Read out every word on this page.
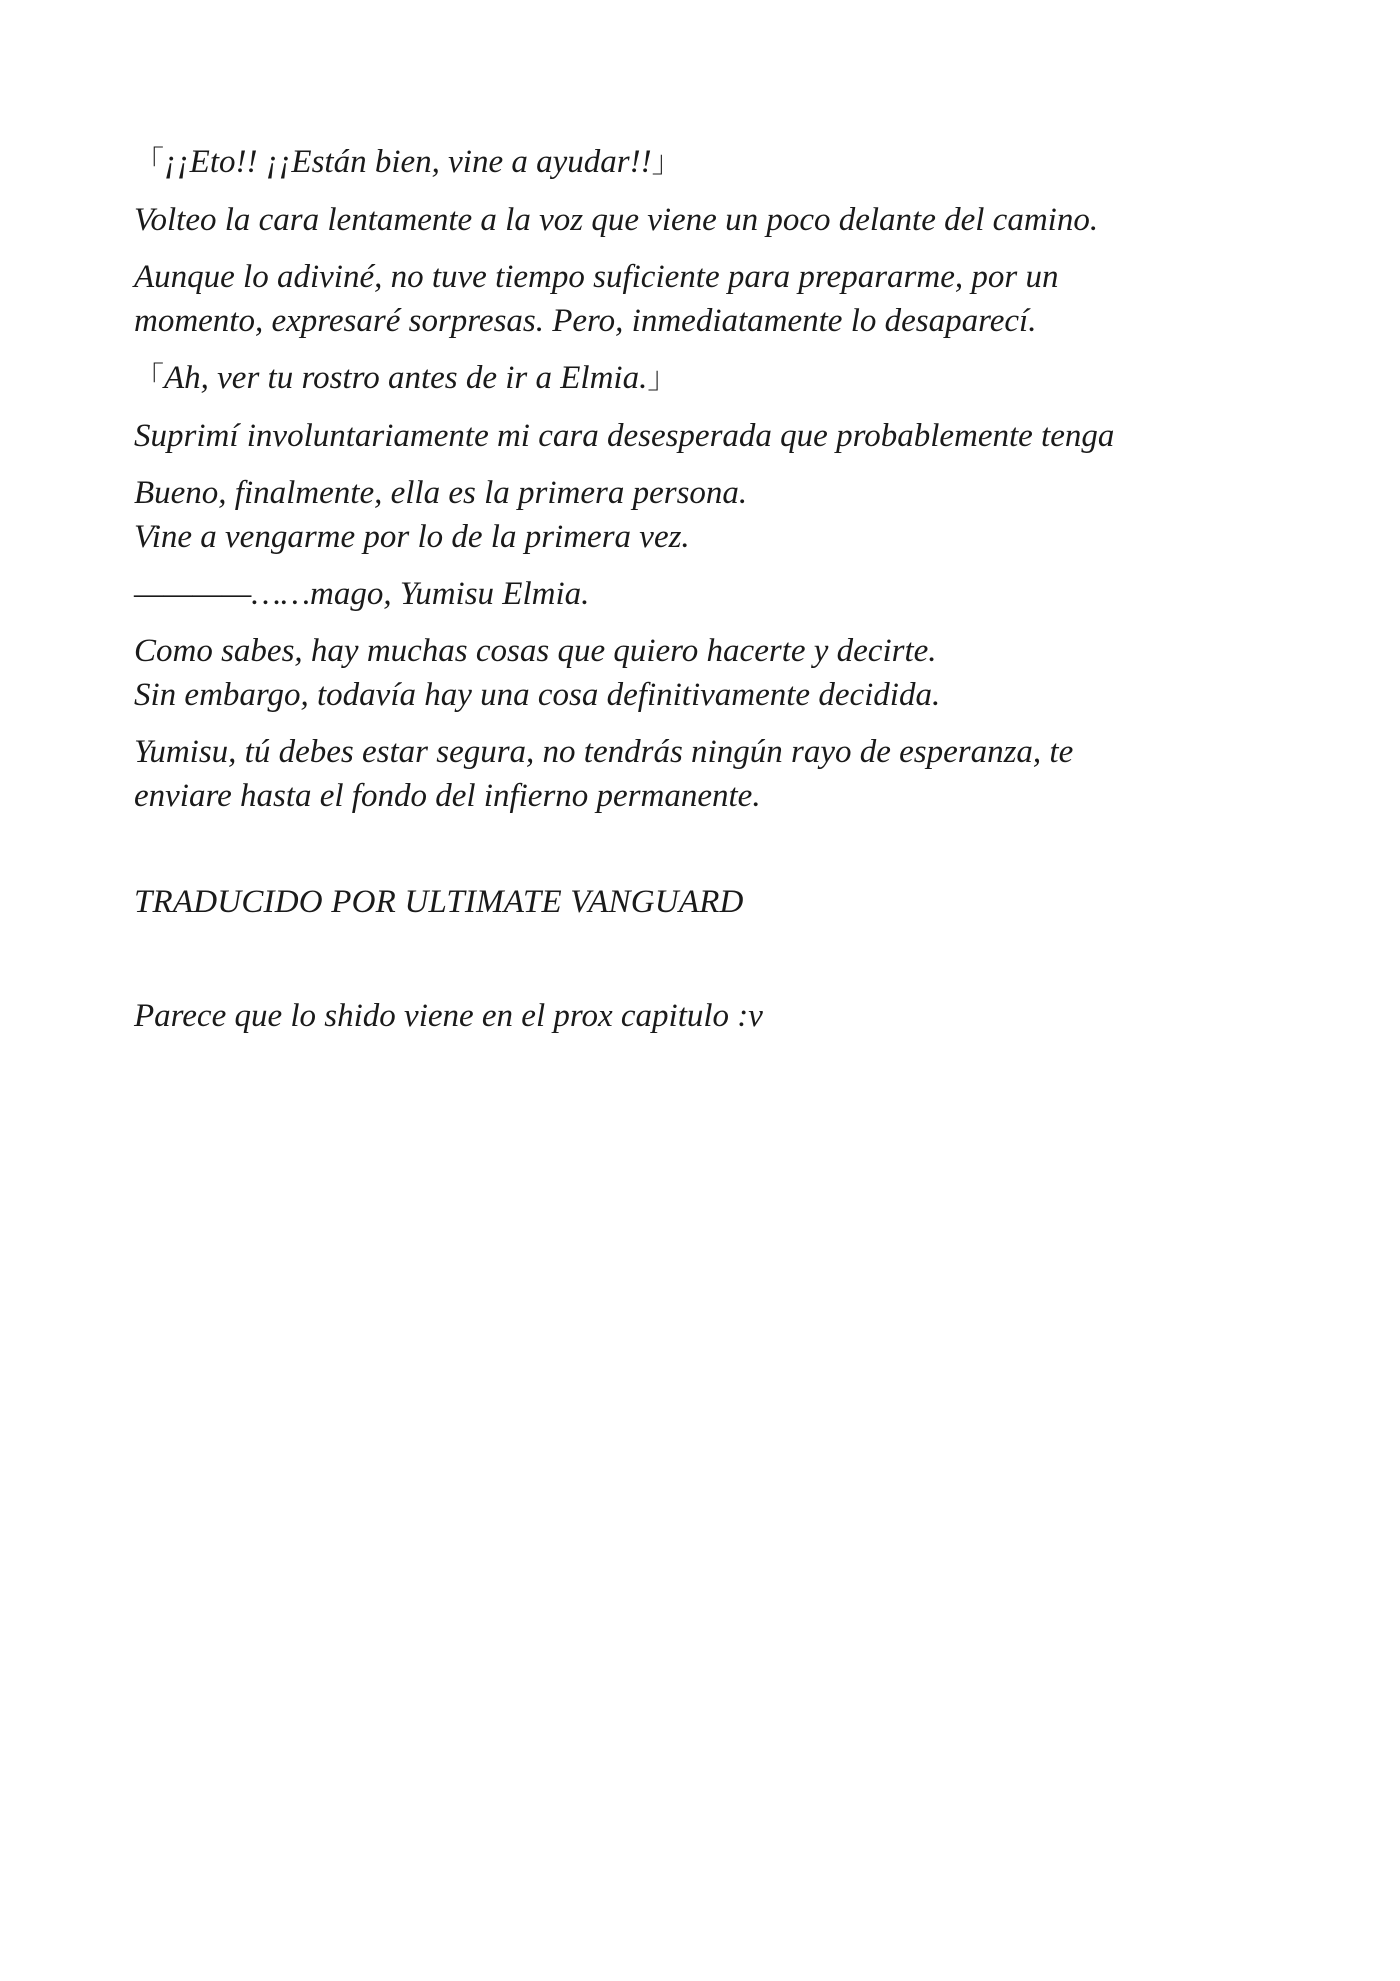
「¡¡Eto!! ¡¡Están bien, vine a ayudar!!」

Volteo la cara lentamente a la voz que viene un poco delante del camino.

Aunque lo adiviné, no tuve tiempo suficiente para prepararme, por un
momento, expresaré sorpresas. Pero, inmediatamente lo desaparecí.

「Ah, ver tu rostro antes de ir a Elmia.」

Suprimí involuntariamente mi cara desesperada que probablemente tenga

Bueno, finalmente, ella es la primera persona.
Vine a vengarme por lo de la primera vez.

————……mago, Yumisu Elmia.

Como sabes, hay muchas cosas que quiero hacerte y decirte.
Sin embargo, todavía hay una cosa definitivamente decidida.

Yumisu, tú debes estar segura, no tendrás ningún rayo de esperanza, te
enviare hasta el fondo del infierno permanente.

TRADUCIDO POR ULTIMATE VANGUARD

Parece que lo shido viene en el prox capitulo :v
